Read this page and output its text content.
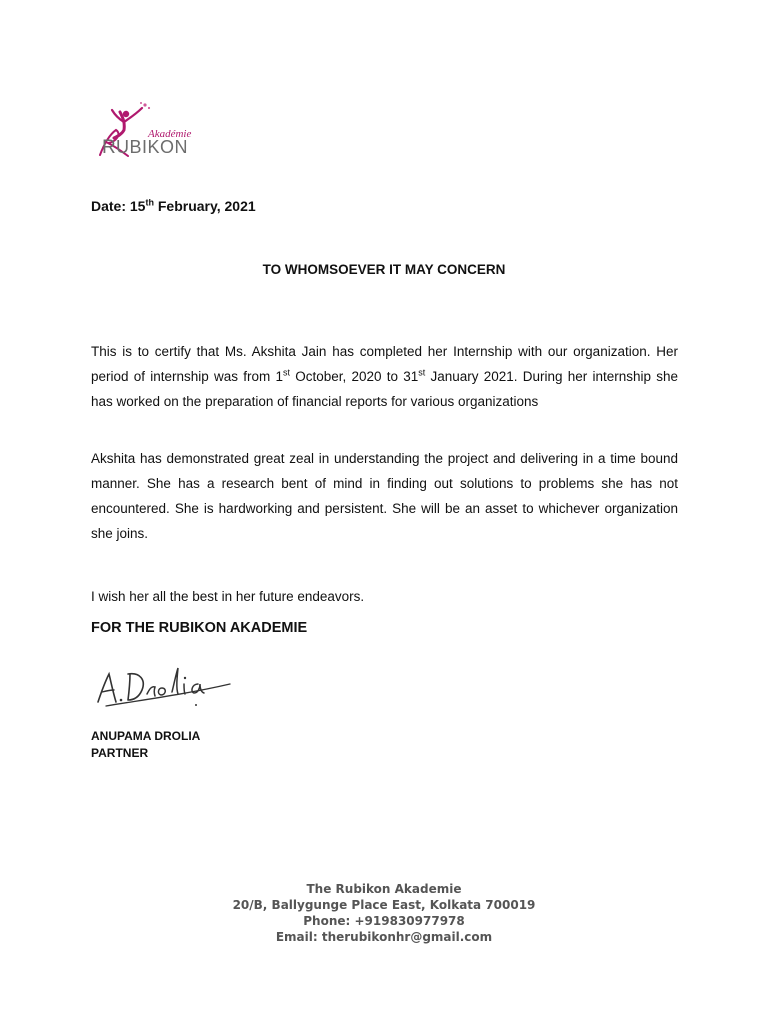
R
Akadémie
UBIKON
Date: 15th February, 2021
TO WHOMSOEVER IT MAY CONCERN
This is to certify that Ms. Akshita Jain has completed her Internship with our organization. Her period of internship was from 1st October, 2020 to 31st January 2021. During her internship she has worked on the preparation of financial reports for various organizations
Akshita has demonstrated great zeal in understanding the project and delivering in a time bound manner. She has a research bent of mind in finding out solutions to problems she has not encountered. She is hardworking and persistent. She will be an asset to whichever organization she joins.
I wish her all the best in her future endeavors.
FOR THE RUBIKON AKADEMIE
ANUPAMA DROLIA
PARTNER
The Rubikon Akademie
20/B, Ballygunge Place East, Kolkata 700019
Phone: +919830977978
Email: therubikonhr@gmail.com
